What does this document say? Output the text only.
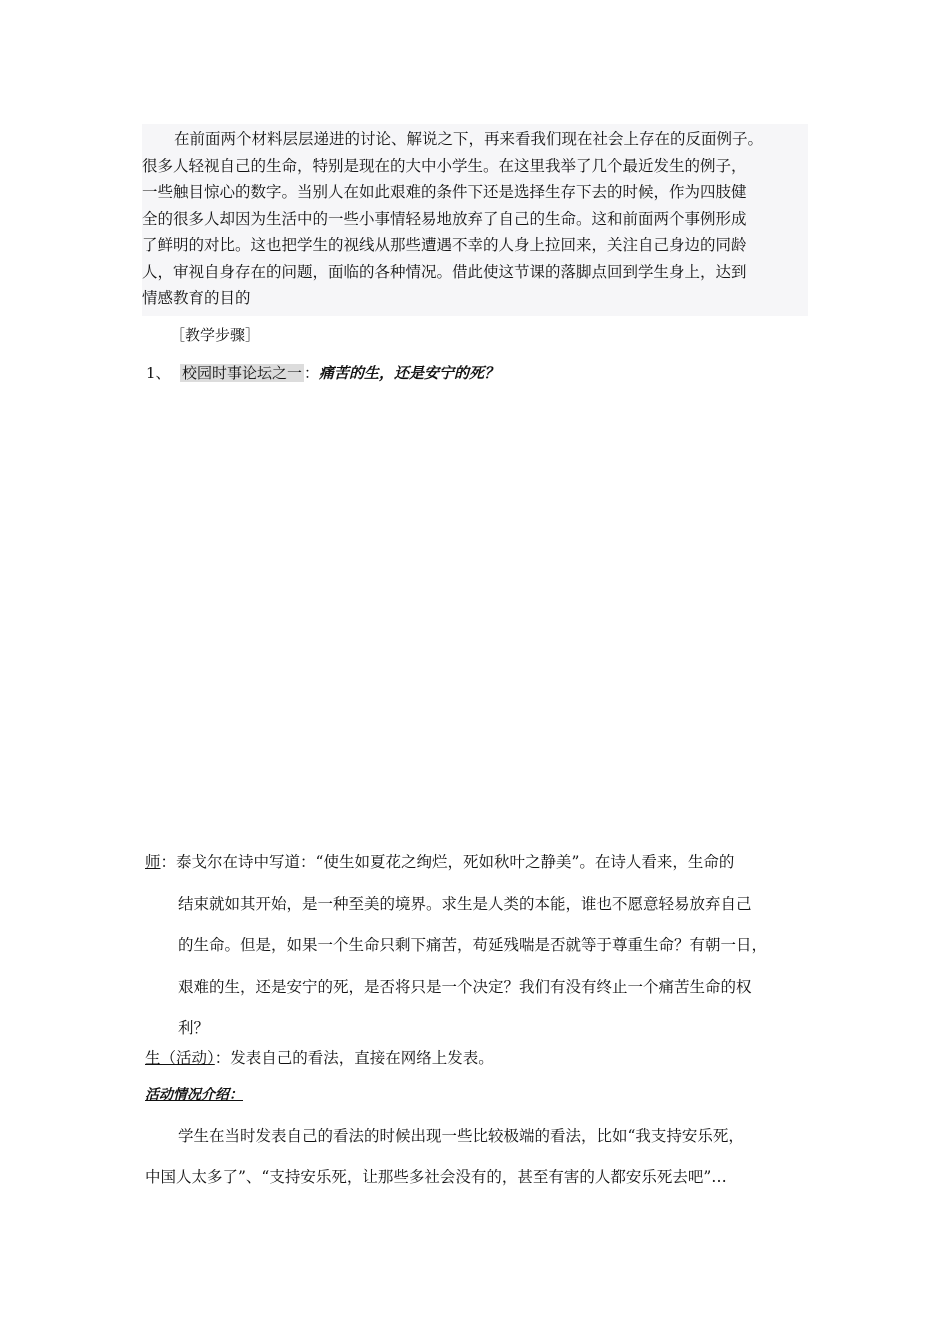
在前面两个材料层层递进的讨论、解说之下，再来看我们现在社会上存在的反面例子。
很多人轻视自己的生命，特别是现在的大中小学生。在这里我举了几个最近发生的例子，
一些触目惊心的数字。当别人在如此艰难的条件下还是选择生存下去的时候，作为四肢健
全的很多人却因为生活中的一些小事情轻易地放弃了自己的生命。这和前面两个事例形成
了鲜明的对比。这也把学生的视线从那些遭遇不幸的人身上拉回来，关注自己身边的同龄
人，审视自身存在的问题，面临的各种情况。借此使这节课的落脚点回到学生身上，达到
情感教育的目的
［教学步骤］
1、 校园时事论坛之一 ：痛苦的生，还是安宁的死？
师：泰戈尔在诗中写道：“使生如夏花之绚烂，死如秋叶之静美”。在诗人看来，生命的
结束就如其开始，是一种至美的境界。求生是人类的本能，谁也不愿意轻易放弃自己
的生命。但是，如果一个生命只剩下痛苦，苟延残喘是否就等于尊重生命？有朝一日，
艰难的生，还是安宁的死，是否将只是一个决定？我们有没有终止一个痛苦生命的权
利？
生（活动）：发表自己的看法，直接在网络上发表。
活动情况介绍：
学生在当时发表自己的看法的时候出现一些比较极端的看法，比如“我支持安乐死，
中国人太多了”、“支持安乐死，让那些多社会没有的，甚至有害的人都安乐死去吧”…
